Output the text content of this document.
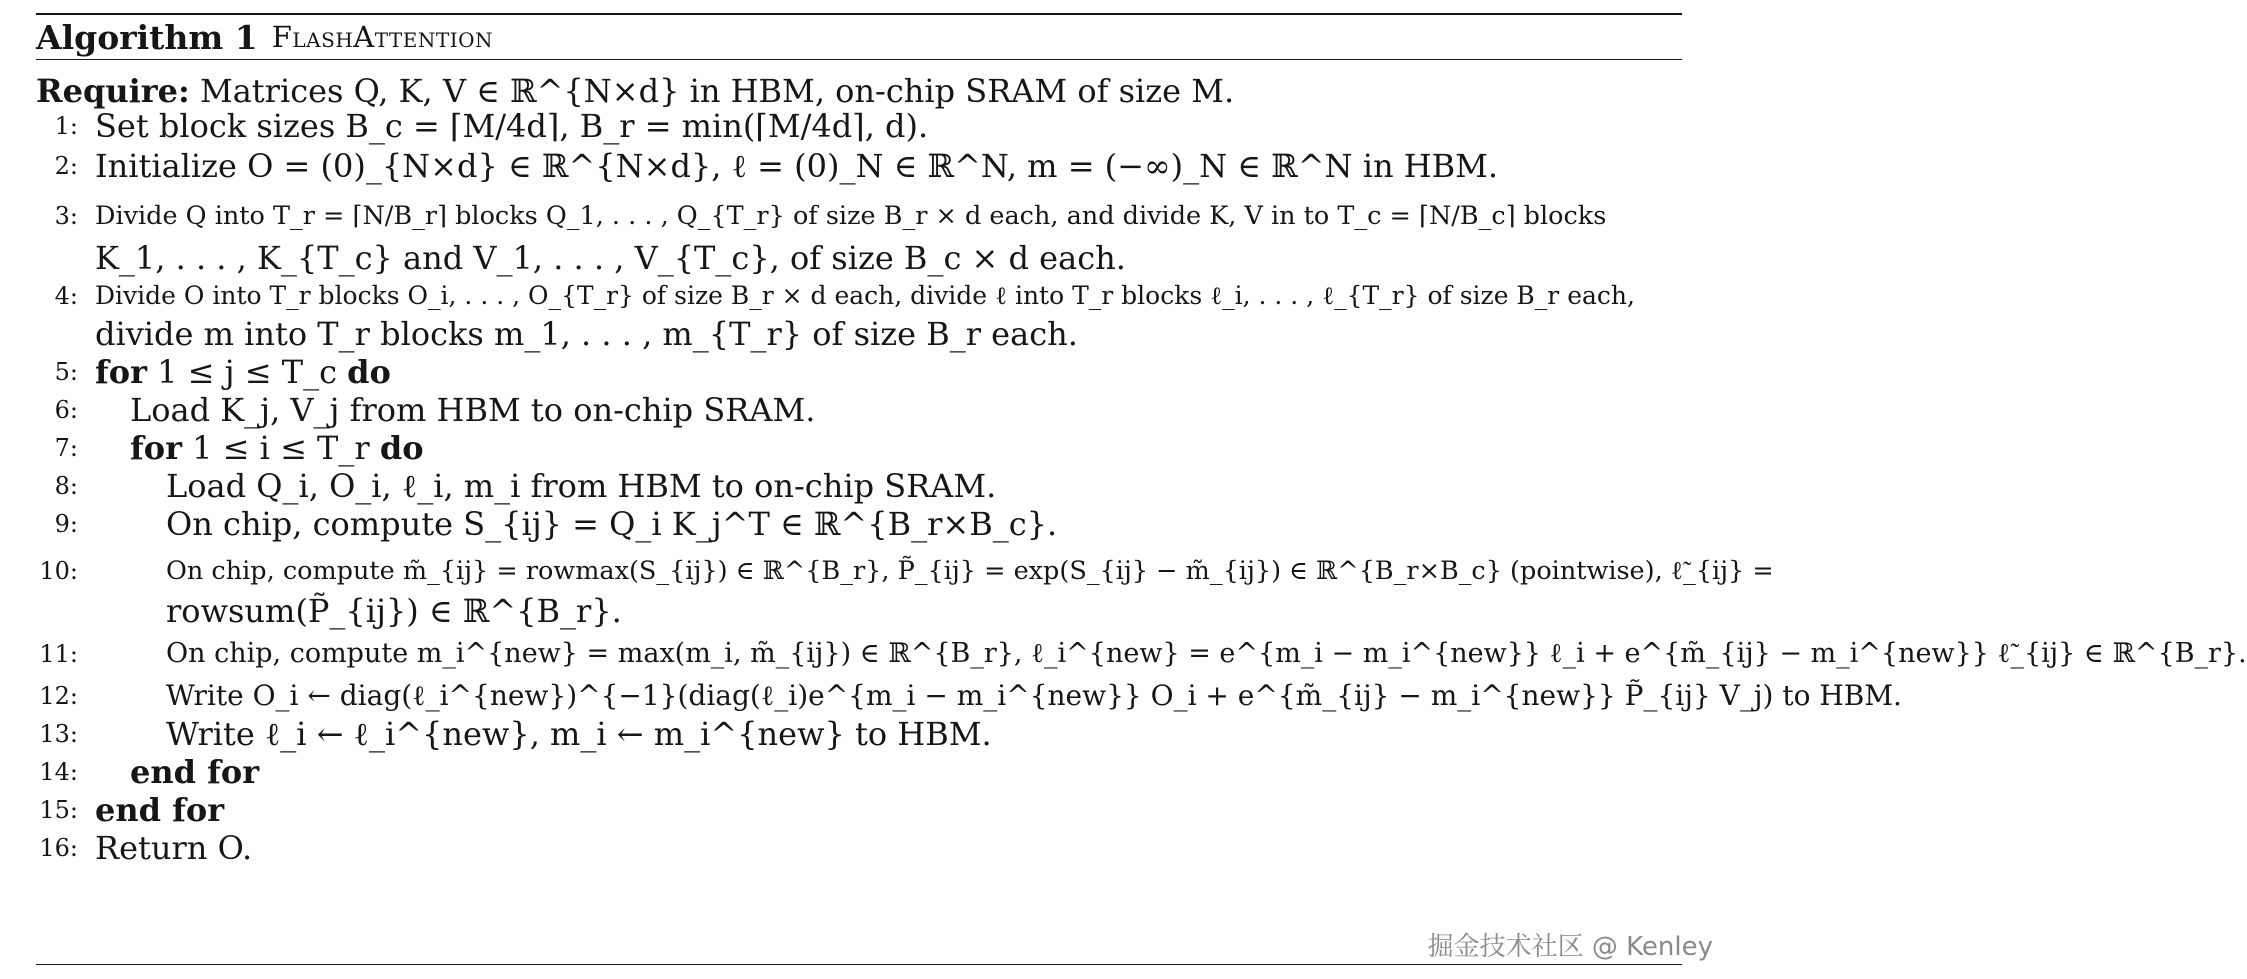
Algorithm 1 FlashAttention
Require: Matrices Q, K, V ∈ ℝ^{N×d} in HBM, on-chip SRAM of size M.
1: Set block sizes B_c = ⌈M/4d⌉, B_r = min(⌈M/4d⌉, d).
2: Initialize O = (0)_{N×d} ∈ ℝ^{N×d}, ℓ = (0)_N ∈ ℝ^N, m = (−∞)_N ∈ ℝ^N in HBM.
3: Divide Q into T_r = ⌈N/B_r⌉ blocks Q_1, . . . , Q_{T_r} of size B_r × d each, and divide K, V in to T_c = ⌈N/B_c⌉ blocks
K_1, . . . , K_{T_c} and V_1, . . . , V_{T_c}, of size B_c × d each.
4: Divide O into T_r blocks O_i, . . . , O_{T_r} of size B_r × d each, divide ℓ into T_r blocks ℓ_i, . . . , ℓ_{T_r} of size B_r each,
divide m into T_r blocks m_1, . . . , m_{T_r} of size B_r each.
5: for 1 ≤ j ≤ T_c do
6: Load K_j, V_j from HBM to on-chip SRAM.
7: for 1 ≤ i ≤ T_r do
8:	Load Q_i, O_i, ℓ_i, m_i from HBM to on-chip SRAM.
9:	On chip, compute S_{ij} = Q_i K_j^T ∈ ℝ^{B_r×B_c}.
10:	On chip, compute m̃_{ij} = rowmax(S_{ij}) ∈ ℝ^{B_r}, P̃_{ij} = exp(S_{ij} − m̃_{ij}) ∈ ℝ^{B_r×B_c} (pointwise), ℓ̃_{ij} =
rowsum(P̃_{ij}) ∈ ℝ^{B_r}.
11:	On chip, compute m_i^{new} = max(m_i, m̃_{ij}) ∈ ℝ^{B_r}, ℓ_i^{new} = e^{m_i − m_i^{new}} ℓ_i + e^{m̃_{ij} − m_i^{new}} ℓ̃_{ij} ∈ ℝ^{B_r}.
12:	Write O_i ← diag(ℓ_i^{new})^{−1}(diag(ℓ_i)e^{m_i − m_i^{new}} O_i + e^{m̃_{ij} − m_i^{new}} P̃_{ij} V_j) to HBM.
13:	Write ℓ_i ← ℓ_i^{new}, m_i ← m_i^{new} to HBM.
14: end for
15: end for
16: Return O.
掘金技术社区 @ Kenley
